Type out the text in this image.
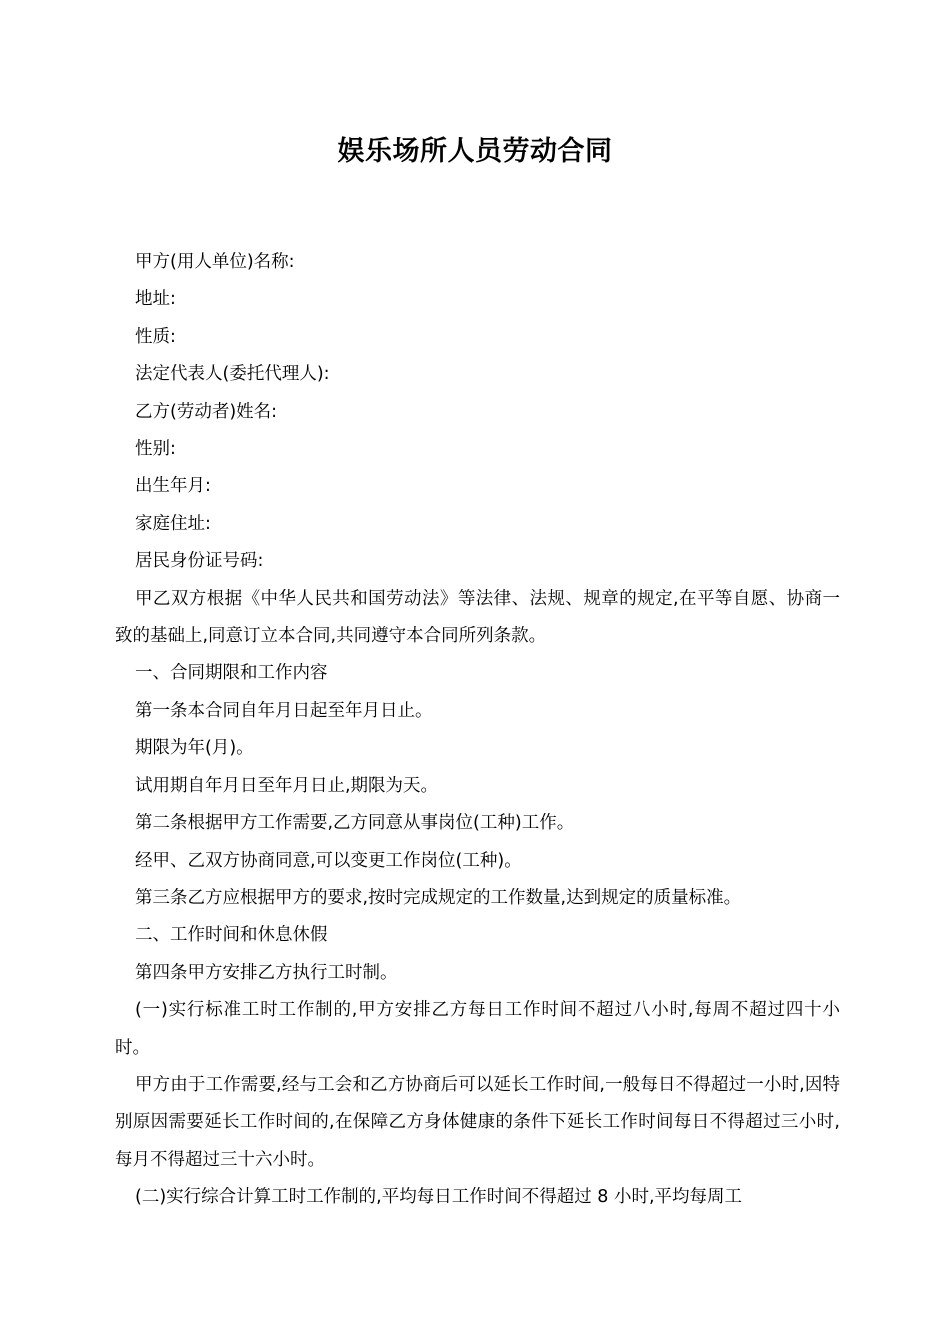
娱乐场所人员劳动合同

甲方(用人单位)名称:

地址:

性质:

法定代表人(委托代理人):

乙方(劳动者)姓名:

性别:

出生年月:

家庭住址:

居民身份证号码:

甲乙双方根据《中华人民共和国劳动法》等法律、法规、规章的规定,在平等自愿、协商一致的基础上,同意订立本合同,共同遵守本合同所列条款。

一、合同期限和工作内容

第一条本合同自年月日起至年月日止。

期限为年(月)。

试用期自年月日至年月日止,期限为天。

第二条根据甲方工作需要,乙方同意从事岗位(工种)工作。

经甲、乙双方协商同意,可以变更工作岗位(工种)。

第三条乙方应根据甲方的要求,按时完成规定的工作数量,达到规定的质量标准。

二、工作时间和休息休假

第四条甲方安排乙方执行工时制。

(一)实行标准工时工作制的,甲方安排乙方每日工作时间不超过八小时,每周不超过四十小时。

甲方由于工作需要,经与工会和乙方协商后可以延长工作时间,一般每日不得超过一小时,因特别原因需要延长工作时间的,在保障乙方身体健康的条件下延长工作时间每日不得超过三小时,每月不得超过三十六小时。

(二)实行综合计算工时工作制的,平均每日工作时间不得超过 8 小时,平均每周工
